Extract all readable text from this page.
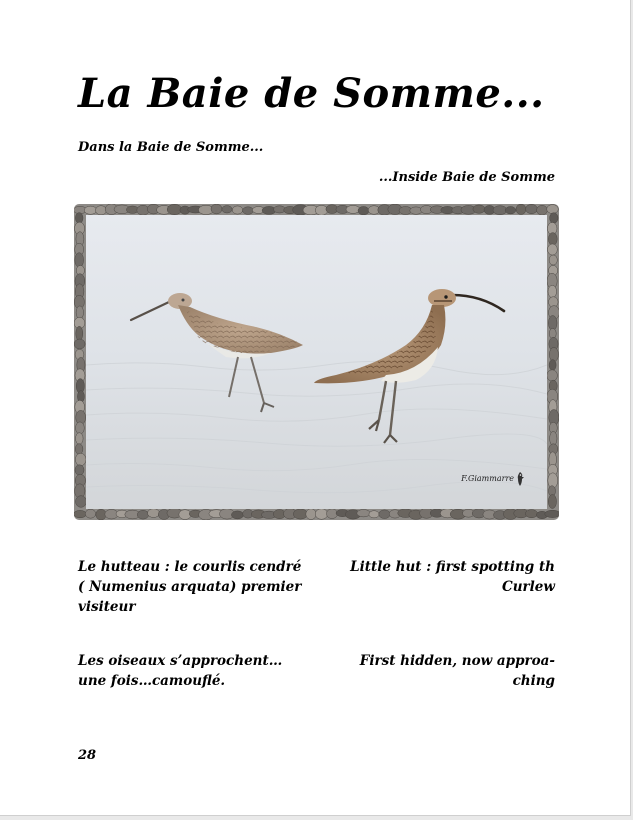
La Baie de Somme...
Dans la Baie de Somme...
...Inside Baie de Somme
F.Giammarre
Le hutteau : le courlis cendré
( Numenius arquata) premier
visiteur
Little hut : first spotting th
Curlew
Les oiseaux s’approchent…
une fois…camouflé.
First hidden, now approa-
ching
28
